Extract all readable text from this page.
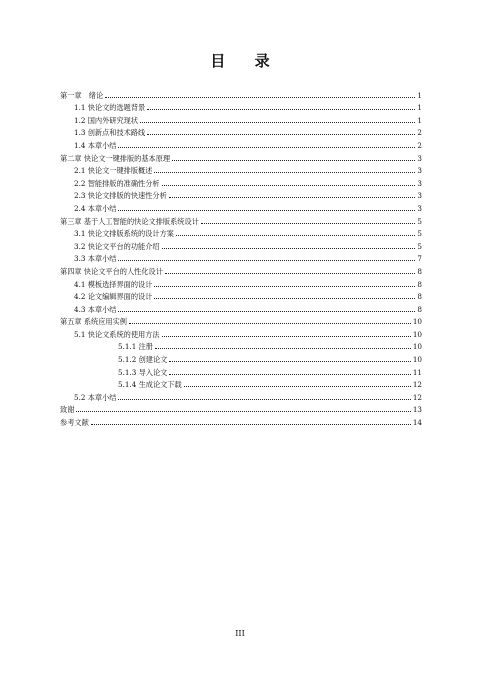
目 录
第一章　绪论	1
1.1 快论文的选题背景	1
1.2 国内外研究现状	1
1.3 创新点和技术路线	2
1.4 本章小结	2
第二章 快论文一键排版的基本原理	3
2.1 快论文一键排版概述	3
2.2 智能排版的准确性分析	3
2.3 快论文排版的快速性分析	3
2.4 本章小结	3
第三章 基于人工智能的快论文排版系统设计	5
3.1 快论文排版系统的设计方案	5
3.2 快论文平台的功能介绍	5
3.3 本章小结	7
第四章 快论文平台的人性化设计	8
4.1 模板选择界面的设计	8
4.2 论文编辑界面的设计	8
4.3 本章小结	8
第五章 系统应用实例	10
5.1 快论文系统的使用方法	10
5.1.1 注册	10
5.1.2 创建论文	10
5.1.3 导入论文	11
5.1.4 生成论文下载	12
5.2 本章小结	12
致谢	13
参考文献	14
III
